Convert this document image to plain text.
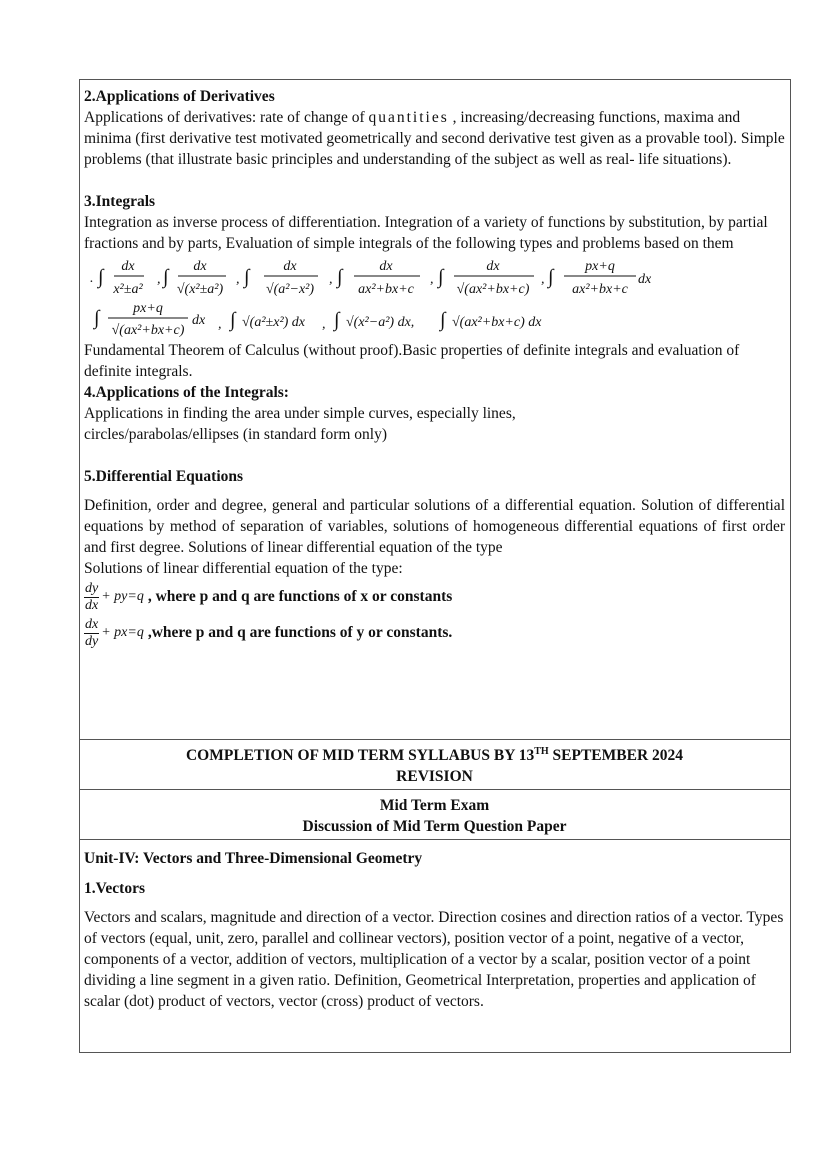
2.Applications of Derivatives

Applications of derivatives: rate of change of quantities , increasing/decreasing functions, maxima and minima (first derivative test motivated geometrically and second derivative test given as a provable tool). Simple problems (that illustrate basic principles and understanding of the subject as well as real- life situations).

3.Integrals

Integration as inverse process of differentiation. Integration of a variety of functions by substitution, by partial fractions and by parts, Evaluation of simple integrals of the following types and problems based on them

. ∫ dx
x²±a²
, ∫ dx
√(x²±a²)
, ∫ dx
√(a²−x²)
, ∫	dx
ax²+bx+c
, ∫	dx
√(ax²+bx+c)
, ∫ px+q
ax²+bx+c
dx
∫ px+q
√(ax²+bx+c)
dx , ∫ √(a²±x²) dx , ∫ √(x²−a²) dx, ∫ √(ax²+bx+c) dx

Fundamental Theorem of Calculus (without proof).Basic properties of definite integrals and evaluation of definite integrals.

4.Applications of the Integrals:

Applications in finding the area under simple curves, especially lines, circles/parabolas/ellipses (in standard form only)

5.Differential Equations

Definition, order and degree, general and particular solutions of a differential equation. Solution of differential equations by method of separation of variables, solutions of homogeneous differential equations of first order and first degree. Solutions of linear differential equation of the type

Solutions of linear differential equation of the type:

$\frac{dy}{dx} + py=q$ , where p and q are functions of x or constants
$\frac{dx}{dy} + px=q$ ,where p and q are functions of y or constants.
COMPLETION OF MID TERM SYLLABUS BY 13TH SEPTEMBER 2024
REVISION
Mid Term Exam
Discussion of Mid Term Question Paper
Unit-IV: Vectors and Three-Dimensional Geometry
1.Vectors

Vectors and scalars, magnitude and direction of a vector. Direction cosines and direction ratios of a vector. Types of vectors (equal, unit, zero, parallel and collinear vectors), position vector of a point, negative of a vector, components of a vector, addition of vectors, multiplication of a vector by a scalar, position vector of a point dividing a line segment in a given ratio. Definition, Geometrical Interpretation, properties and application of scalar (dot) product of vectors, vector (cross) product of vectors.
